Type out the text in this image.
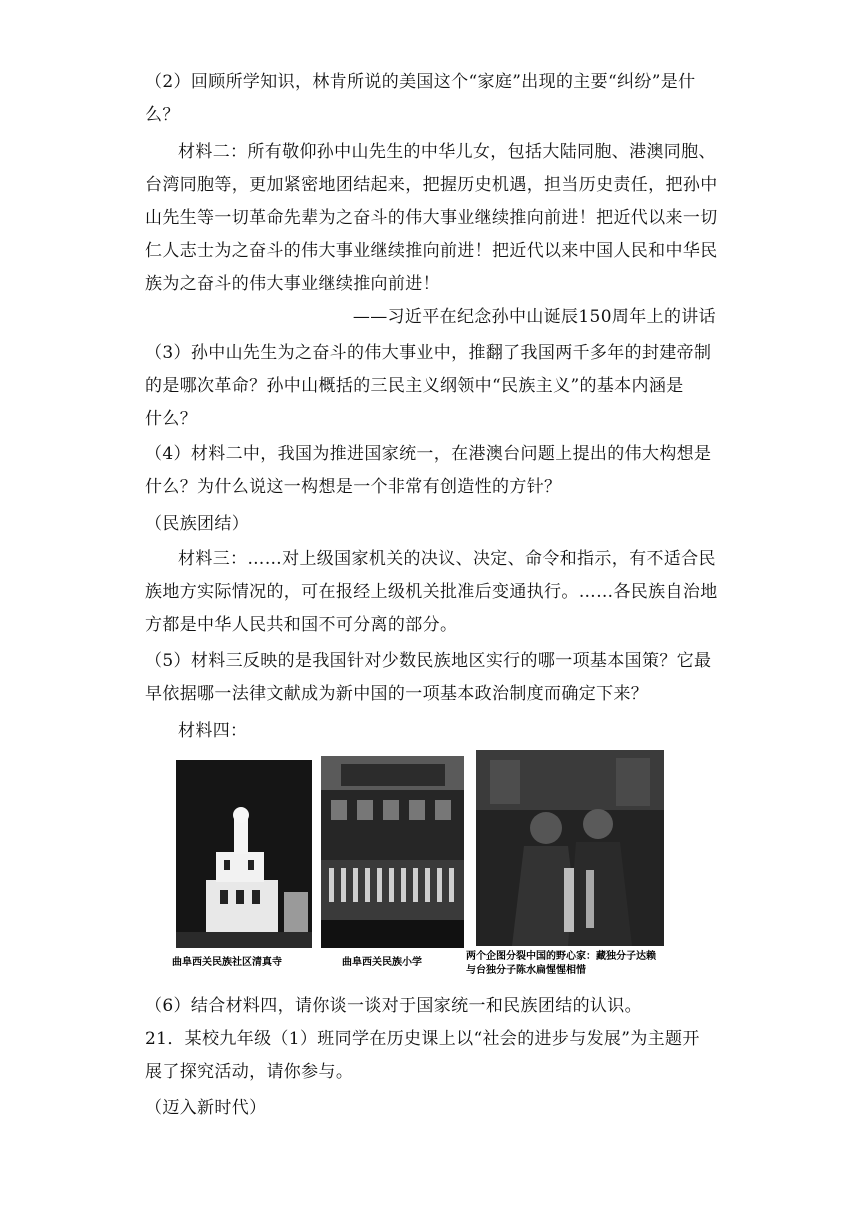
（2）回顾所学知识，林肯所说的美国这个“家庭”出现的主要“纠纷”是什
么？
材料二：所有敬仰孙中山先生的中华儿女，包括大陆同胞、港澳同胞、
台湾同胞等，更加紧密地团结起来，把握历史机遇，担当历史责任，把孙中
山先生等一切革命先辈为之奋斗的伟大事业继续推向前进！把近代以来一切
仁人志士为之奋斗的伟大事业继续推向前进！把近代以来中国人民和中华民
族为之奋斗的伟大事业继续推向前进！
——习近平在纪念孙中山诞辰150周年上的讲话
（3）孙中山先生为之奋斗的伟大事业中，推翻了我国两千多年的封建帝制
的是哪次革命？孙中山概括的三民主义纲领中“民族主义”的基本内涵是
什么？
（4）材料二中，我国为推进国家统一，在港澳台问题上提出的伟大构想是
什么？为什么说这一构想是一个非常有创造性的方针？
（民族团结）
材料三：……对上级国家机关的决议、决定、命令和指示，有不适合民
族地方实际情况的，可在报经上级机关批准后变通执行。……各民族自治地
方都是中华人民共和国不可分离的部分。
（5）材料三反映的是我国针对少数民族地区实行的哪一项基本国策？它最
早依据哪一法律文献成为新中国的一项基本政治制度而确定下来？
材料四：
曲阜西关民族社区清真寺	曲阜西关民族小学
两个企图分裂中国的野心家：藏独分子达赖
与台独分子陈水扁惺惺相惜
（6）结合材料四，请你谈一谈对于国家统一和民族团结的认识。
21．某校九年级（1）班同学在历史课上以“社会的进步与发展”为主题开
展了探究活动，请你参与。
（迈入新时代）
